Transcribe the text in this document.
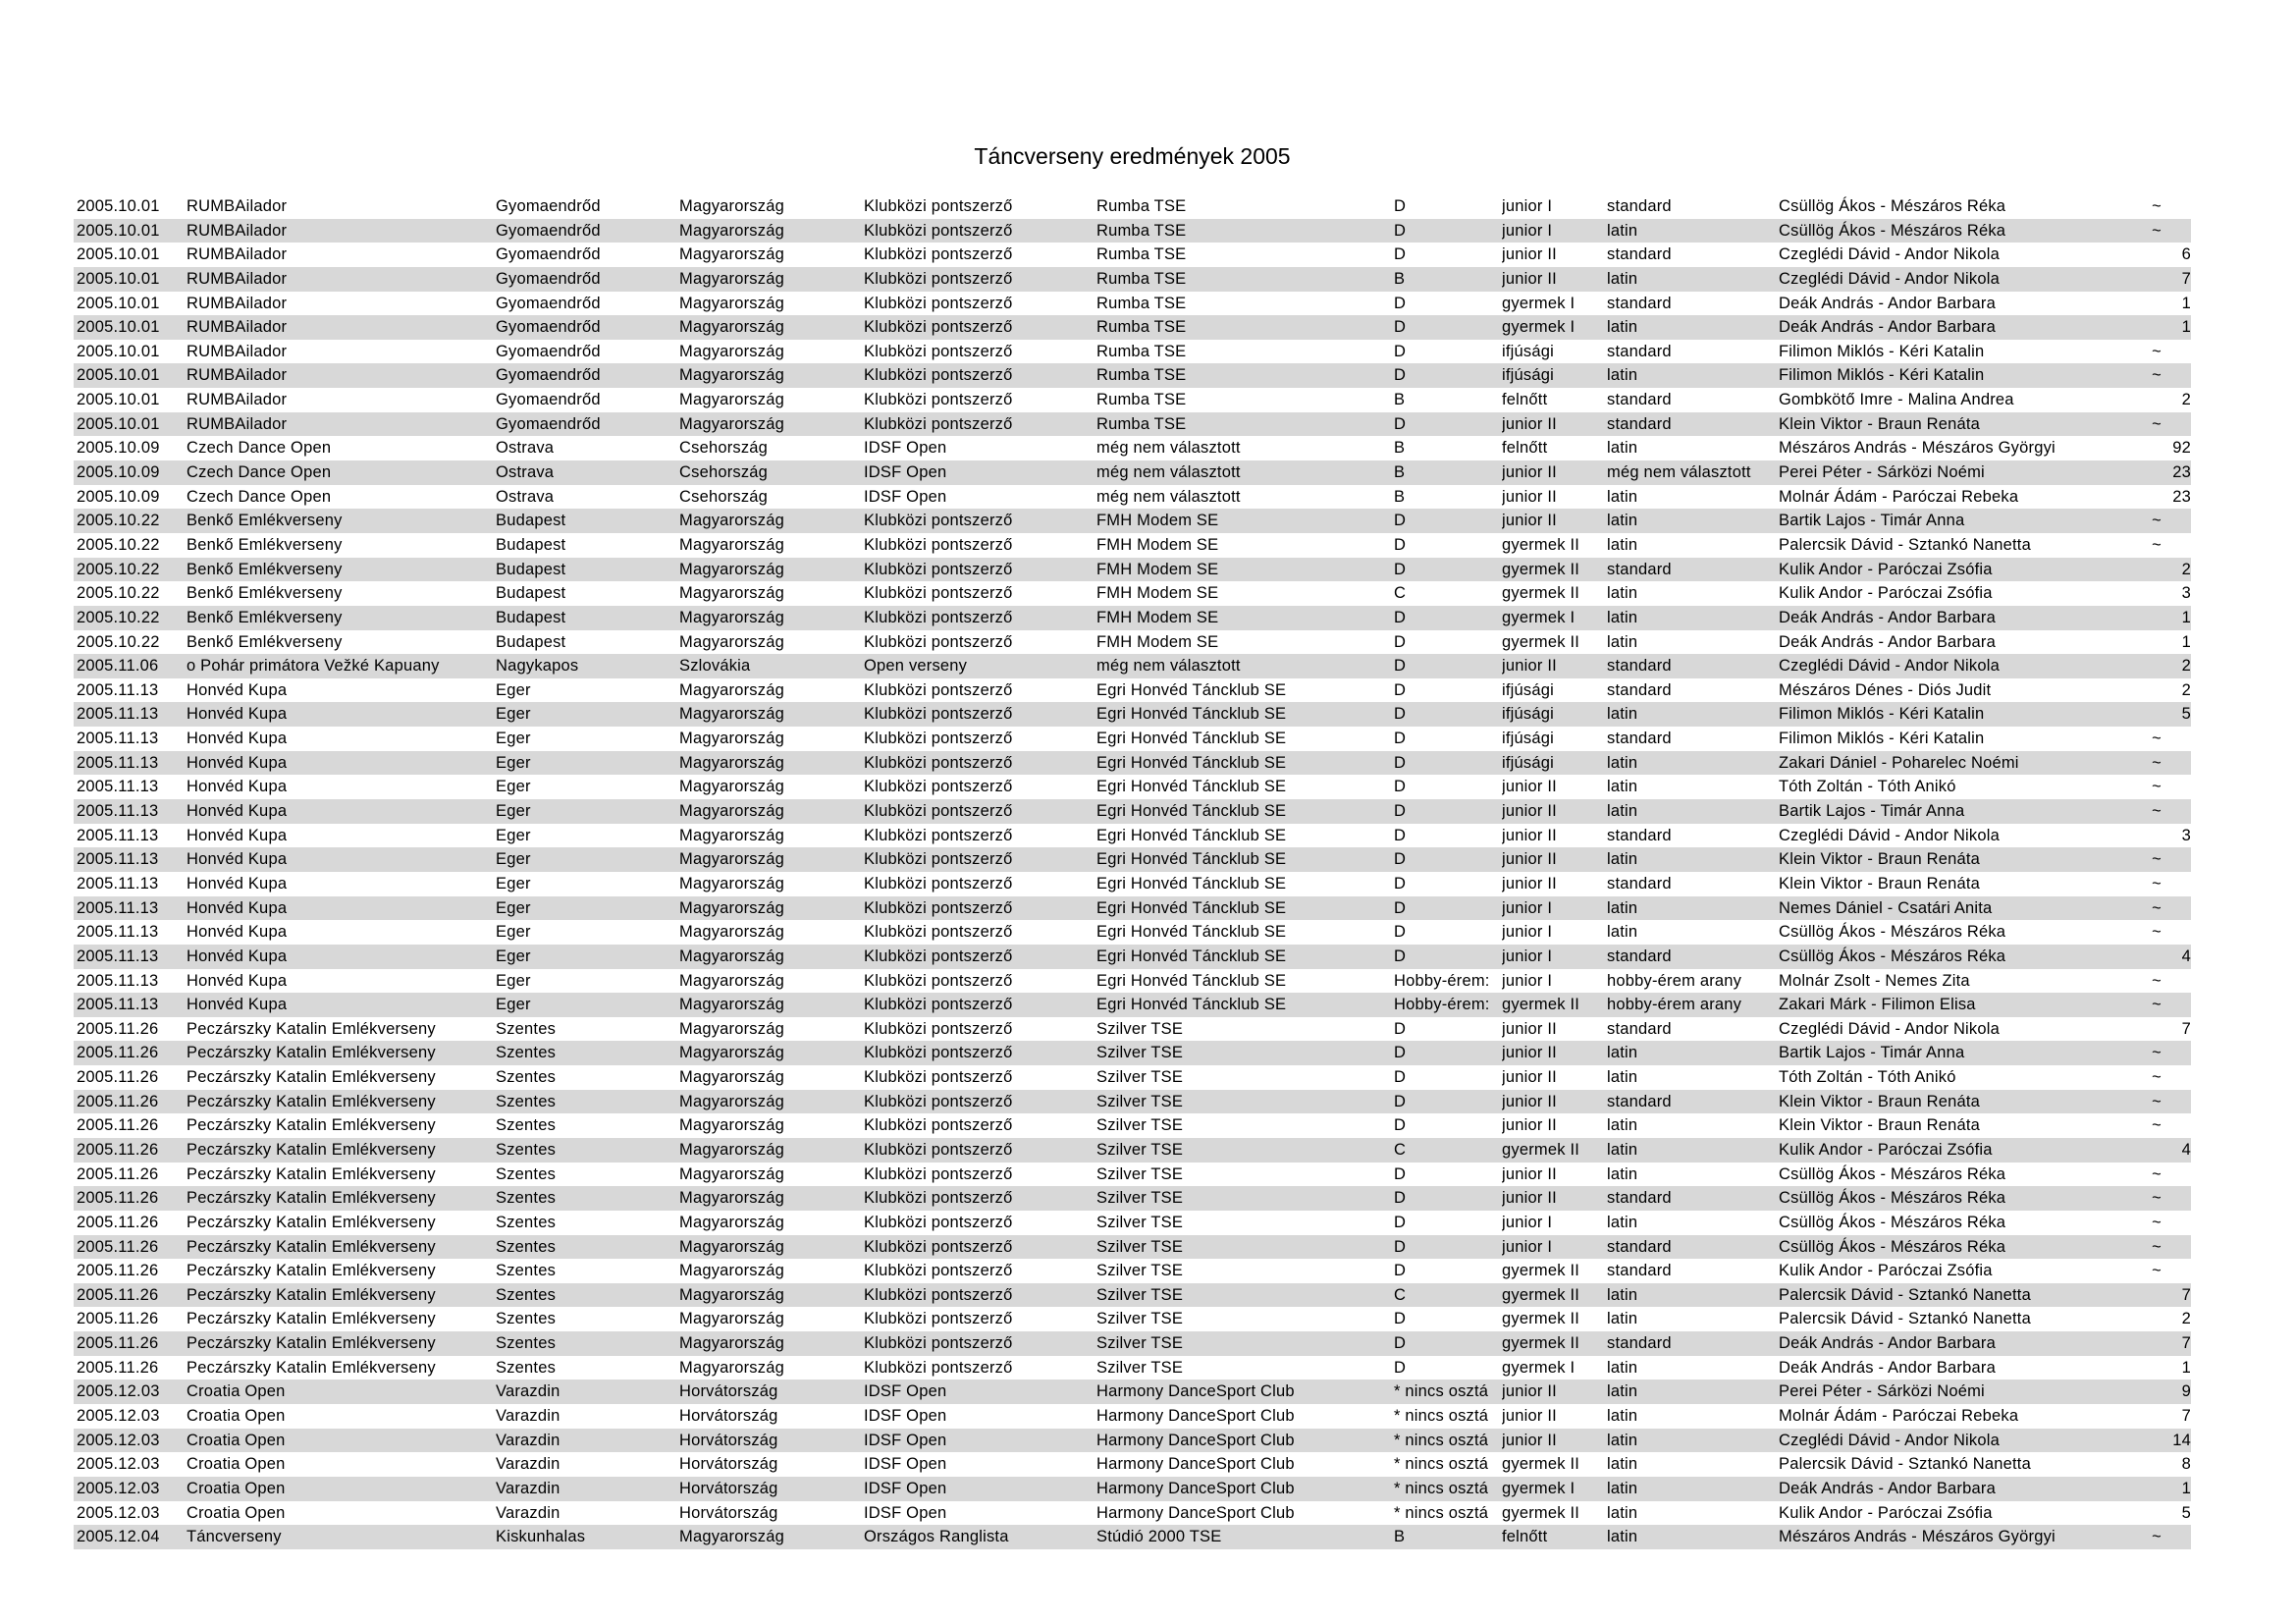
Táncverseny eredmények 2005
2005.10.01	RUMBAilador	Gyomaendrőd	Magyarország	Klubközi pontszerző	Rumba TSE	D	junior I	standard	Csüllög Ákos - Mészáros Réka	~
2005.10.01	RUMBAilador	Gyomaendrőd	Magyarország	Klubközi pontszerző	Rumba TSE	D	junior I	latin	Csüllög Ákos - Mészáros Réka	~
2005.10.01	RUMBAilador	Gyomaendrőd	Magyarország	Klubközi pontszerző	Rumba TSE	D	junior II	standard	Czeglédi Dávid - Andor Nikola	6
2005.10.01	RUMBAilador	Gyomaendrőd	Magyarország	Klubközi pontszerző	Rumba TSE	B	junior II	latin	Czeglédi Dávid - Andor Nikola	7
2005.10.01	RUMBAilador	Gyomaendrőd	Magyarország	Klubközi pontszerző	Rumba TSE	D	gyermek I	standard	Deák András - Andor Barbara	1
2005.10.01	RUMBAilador	Gyomaendrőd	Magyarország	Klubközi pontszerző	Rumba TSE	D	gyermek I	latin	Deák András - Andor Barbara	1
2005.10.01	RUMBAilador	Gyomaendrőd	Magyarország	Klubközi pontszerző	Rumba TSE	D	ifjúsági	standard	Filimon Miklós - Kéri Katalin	~
2005.10.01	RUMBAilador	Gyomaendrőd	Magyarország	Klubközi pontszerző	Rumba TSE	D	ifjúsági	latin	Filimon Miklós - Kéri Katalin	~
2005.10.01	RUMBAilador	Gyomaendrőd	Magyarország	Klubközi pontszerző	Rumba TSE	B	felnőtt	standard	Gombkötő Imre - Malina Andrea	2
2005.10.01	RUMBAilador	Gyomaendrőd	Magyarország	Klubközi pontszerző	Rumba TSE	D	junior II	standard	Klein Viktor - Braun Renáta	~
2005.10.09	Czech Dance Open	Ostrava	Csehország	IDSF Open	még nem választott	B	felnőtt	latin	Mészáros András - Mészáros Györgyi	92
2005.10.09	Czech Dance Open	Ostrava	Csehország	IDSF Open	még nem választott	B	junior II	még nem választott	Perei Péter - Sárközi Noémi	23
2005.10.09	Czech Dance Open	Ostrava	Csehország	IDSF Open	még nem választott	B	junior II	latin	Molnár Ádám - Paróczai Rebeka	23
2005.10.22	Benkő Emlékverseny	Budapest	Magyarország	Klubközi pontszerző	FMH Modem SE	D	junior II	latin	Bartik Lajos - Timár Anna	~
2005.10.22	Benkő Emlékverseny	Budapest	Magyarország	Klubközi pontszerző	FMH Modem SE	D	gyermek II	latin	Palercsik Dávid - Sztankó Nanetta	~
2005.10.22	Benkő Emlékverseny	Budapest	Magyarország	Klubközi pontszerző	FMH Modem SE	D	gyermek II	standard	Kulik Andor - Paróczai Zsófia	2
2005.10.22	Benkő Emlékverseny	Budapest	Magyarország	Klubközi pontszerző	FMH Modem SE	C	gyermek II	latin	Kulik Andor - Paróczai Zsófia	3
2005.10.22	Benkő Emlékverseny	Budapest	Magyarország	Klubközi pontszerző	FMH Modem SE	D	gyermek I	latin	Deák András - Andor Barbara	1
2005.10.22	Benkő Emlékverseny	Budapest	Magyarország	Klubközi pontszerző	FMH Modem SE	D	gyermek II	latin	Deák András - Andor Barbara	1
2005.11.06	o Pohár primátora Vežké Kapuany	Nagykapos	Szlovákia	Open verseny	még nem választott	D	junior II	standard	Czeglédi Dávid - Andor Nikola	2
2005.11.13	Honvéd Kupa	Eger	Magyarország	Klubközi pontszerző	Egri Honvéd Táncklub SE	D	ifjúsági	standard	Mészáros Dénes - Diós Judit	2
2005.11.13	Honvéd Kupa	Eger	Magyarország	Klubközi pontszerző	Egri Honvéd Táncklub SE	D	ifjúsági	latin	Filimon Miklós - Kéri Katalin	5
2005.11.13	Honvéd Kupa	Eger	Magyarország	Klubközi pontszerző	Egri Honvéd Táncklub SE	D	ifjúsági	standard	Filimon Miklós - Kéri Katalin	~
2005.11.13	Honvéd Kupa	Eger	Magyarország	Klubközi pontszerző	Egri Honvéd Táncklub SE	D	ifjúsági	latin	Zakari Dániel - Poharelec Noémi	~
2005.11.13	Honvéd Kupa	Eger	Magyarország	Klubközi pontszerző	Egri Honvéd Táncklub SE	D	junior II	latin	Tóth Zoltán - Tóth Anikó	~
2005.11.13	Honvéd Kupa	Eger	Magyarország	Klubközi pontszerző	Egri Honvéd Táncklub SE	D	junior II	latin	Bartik Lajos - Timár Anna	~
2005.11.13	Honvéd Kupa	Eger	Magyarország	Klubközi pontszerző	Egri Honvéd Táncklub SE	D	junior II	standard	Czeglédi Dávid - Andor Nikola	3
2005.11.13	Honvéd Kupa	Eger	Magyarország	Klubközi pontszerző	Egri Honvéd Táncklub SE	D	junior II	latin	Klein Viktor - Braun Renáta	~
2005.11.13	Honvéd Kupa	Eger	Magyarország	Klubközi pontszerző	Egri Honvéd Táncklub SE	D	junior II	standard	Klein Viktor - Braun Renáta	~
2005.11.13	Honvéd Kupa	Eger	Magyarország	Klubközi pontszerző	Egri Honvéd Táncklub SE	D	junior I	latin	Nemes Dániel - Csatári Anita	~
2005.11.13	Honvéd Kupa	Eger	Magyarország	Klubközi pontszerző	Egri Honvéd Táncklub SE	D	junior I	latin	Csüllög Ákos - Mészáros Réka	~
2005.11.13	Honvéd Kupa	Eger	Magyarország	Klubközi pontszerző	Egri Honvéd Táncklub SE	D	junior I	standard	Csüllög Ákos - Mészáros Réka	4
2005.11.13	Honvéd Kupa	Eger	Magyarország	Klubközi pontszerző	Egri Honvéd Táncklub SE	Hobby-érem: junior I	hobby-érem arany	Molnár Zsolt - Nemes Zita	~
2005.11.13	Honvéd Kupa	Eger	Magyarország	Klubközi pontszerző	Egri Honvéd Táncklub SE	Hobby-érem: gyermek II	hobby-érem arany	Zakari Márk - Filimon Elisa	~
2005.11.26	Peczárszky Katalin Emlékverseny	Szentes	Magyarország	Klubközi pontszerző	Szilver TSE	D	junior II	standard	Czeglédi Dávid - Andor Nikola	7
2005.11.26	Peczárszky Katalin Emlékverseny	Szentes	Magyarország	Klubközi pontszerző	Szilver TSE	D	junior II	latin	Bartik Lajos - Timár Anna	~
2005.11.26	Peczárszky Katalin Emlékverseny	Szentes	Magyarország	Klubközi pontszerző	Szilver TSE	D	junior II	latin	Tóth Zoltán - Tóth Anikó	~
2005.11.26	Peczárszky Katalin Emlékverseny	Szentes	Magyarország	Klubközi pontszerző	Szilver TSE	D	junior II	standard	Klein Viktor - Braun Renáta	~
2005.11.26	Peczárszky Katalin Emlékverseny	Szentes	Magyarország	Klubközi pontszerző	Szilver TSE	D	junior II	latin	Klein Viktor - Braun Renáta	~
2005.11.26	Peczárszky Katalin Emlékverseny	Szentes	Magyarország	Klubközi pontszerző	Szilver TSE	C	gyermek II	latin	Kulik Andor - Paróczai Zsófia	4
2005.11.26	Peczárszky Katalin Emlékverseny	Szentes	Magyarország	Klubközi pontszerző	Szilver TSE	D	junior II	latin	Csüllög Ákos - Mészáros Réka	~
2005.11.26	Peczárszky Katalin Emlékverseny	Szentes	Magyarország	Klubközi pontszerző	Szilver TSE	D	junior II	standard	Csüllög Ákos - Mészáros Réka	~
2005.11.26	Peczárszky Katalin Emlékverseny	Szentes	Magyarország	Klubközi pontszerző	Szilver TSE	D	junior I	latin	Csüllög Ákos - Mészáros Réka	~
2005.11.26	Peczárszky Katalin Emlékverseny	Szentes	Magyarország	Klubközi pontszerző	Szilver TSE	D	junior I	standard	Csüllög Ákos - Mészáros Réka	~
2005.11.26	Peczárszky Katalin Emlékverseny	Szentes	Magyarország	Klubközi pontszerző	Szilver TSE	D	gyermek II	standard	Kulik Andor - Paróczai Zsófia	~
2005.11.26	Peczárszky Katalin Emlékverseny	Szentes	Magyarország	Klubközi pontszerző	Szilver TSE	C	gyermek II	latin	Palercsik Dávid - Sztankó Nanetta	7
2005.11.26	Peczárszky Katalin Emlékverseny	Szentes	Magyarország	Klubközi pontszerző	Szilver TSE	D	gyermek II	latin	Palercsik Dávid - Sztankó Nanetta	2
2005.11.26	Peczárszky Katalin Emlékverseny	Szentes	Magyarország	Klubközi pontszerző	Szilver TSE	D	gyermek II	standard	Deák András - Andor Barbara	7
2005.11.26	Peczárszky Katalin Emlékverseny	Szentes	Magyarország	Klubközi pontszerző	Szilver TSE	D	gyermek I	latin	Deák András - Andor Barbara	1
2005.12.03	Croatia Open	Varazdin	Horvátország	IDSF Open	Harmony DanceSport Club	* nincs osztá junior II	latin	Perei Péter - Sárközi Noémi	9
2005.12.03	Croatia Open	Varazdin	Horvátország	IDSF Open	Harmony DanceSport Club	* nincs osztá junior II	latin	Molnár Ádám - Paróczai Rebeka	7
2005.12.03	Croatia Open	Varazdin	Horvátország	IDSF Open	Harmony DanceSport Club	* nincs osztá junior II	latin	Czeglédi Dávid - Andor Nikola	14
2005.12.03	Croatia Open	Varazdin	Horvátország	IDSF Open	Harmony DanceSport Club	* nincs osztá gyermek II	latin	Palercsik Dávid - Sztankó Nanetta	8
2005.12.03	Croatia Open	Varazdin	Horvátország	IDSF Open	Harmony DanceSport Club	* nincs osztá gyermek I	latin	Deák András - Andor Barbara	1
2005.12.03	Croatia Open	Varazdin	Horvátország	IDSF Open	Harmony DanceSport Club	* nincs osztá gyermek II	latin	Kulik Andor - Paróczai Zsófia	5
2005.12.04	Táncverseny	Kiskunhalas	Magyarország	Országos Ranglista	Stúdió 2000 TSE	B	felnőtt	latin	Mészáros András - Mészáros Györgyi	~
